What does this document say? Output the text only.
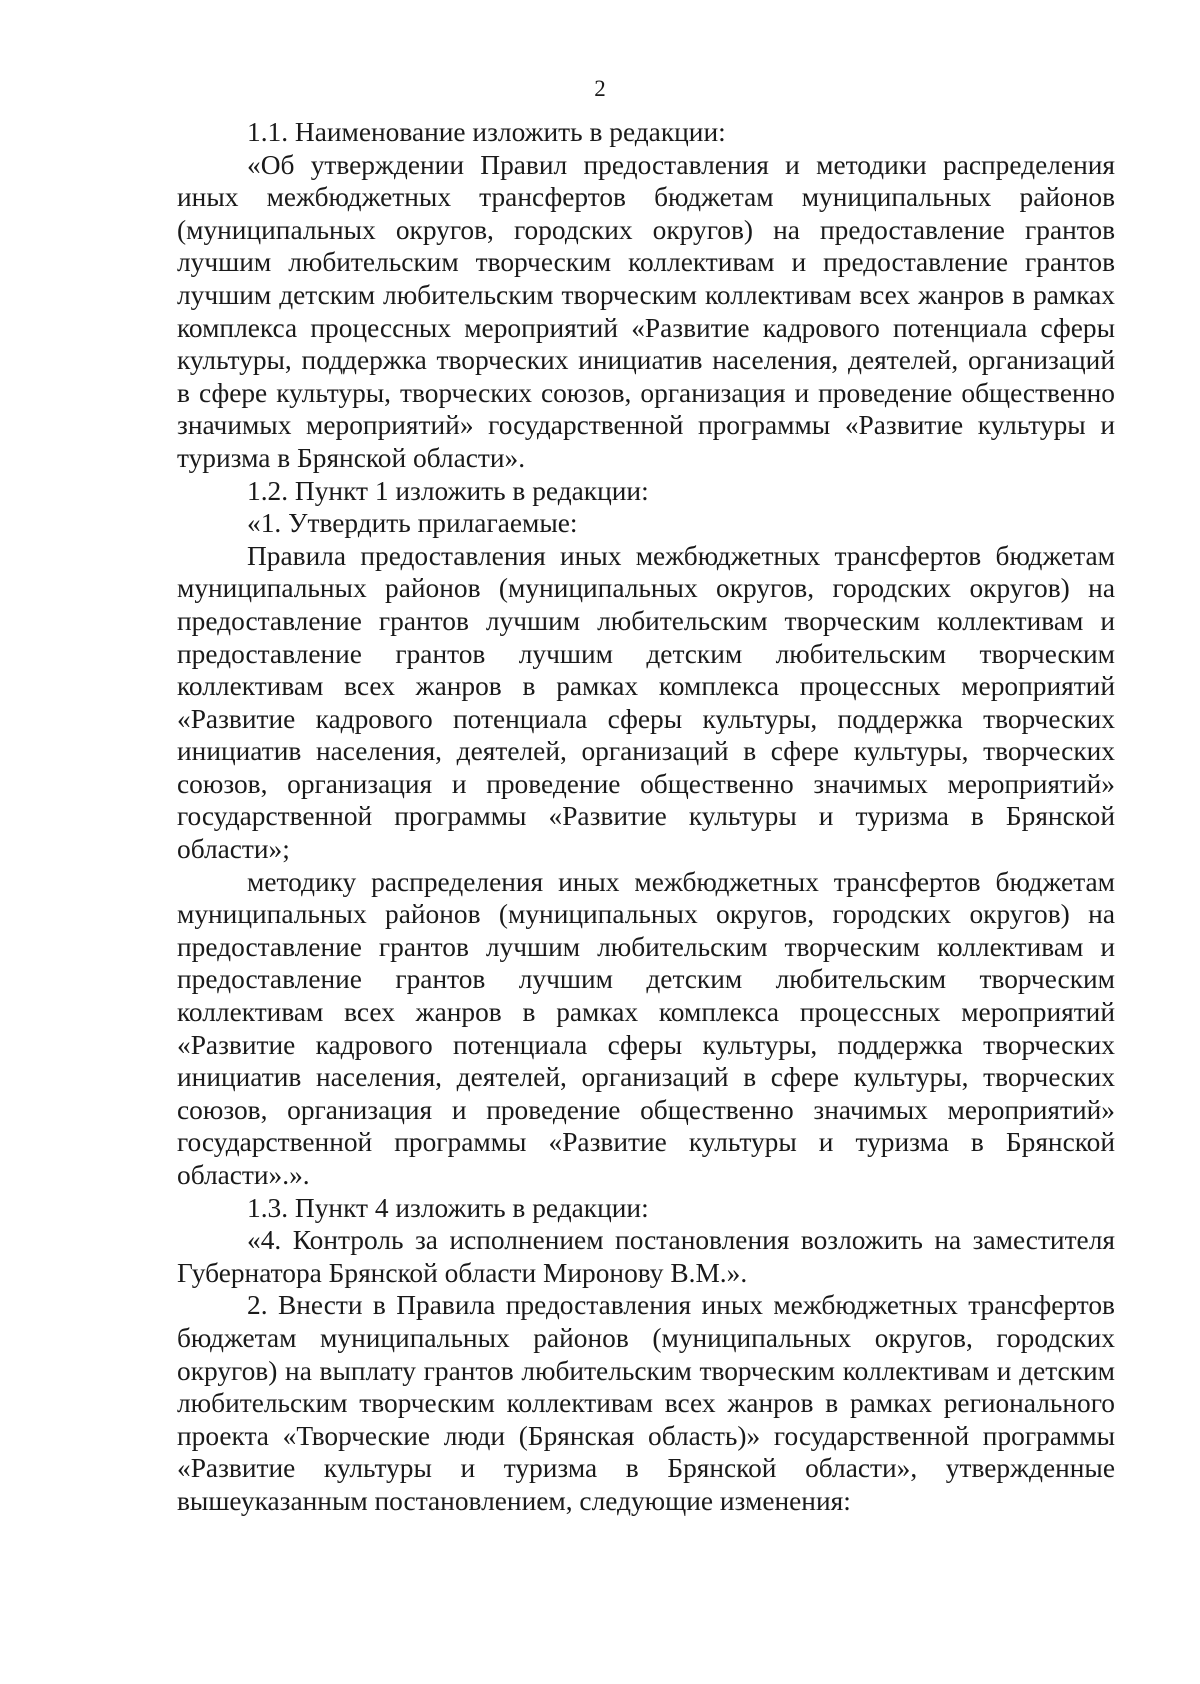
2

1.1. Наименование изложить в редакции:

«Об утверждении Правил предоставления и методики распределения иных межбюджетных трансфертов бюджетам муниципальных районов (муниципальных округов, городских округов) на предоставление грантов лучшим любительским творческим коллективам и предоставление грантов лучшим детским любительским творческим коллективам всех жанров в рамках комплекса процессных мероприятий «Развитие кадрового потенциала сферы культуры, поддержка творческих инициатив населения, деятелей, организаций в сфере культуры, творческих союзов, организация и проведение общественно значимых мероприятий» государственной программы «Развитие культуры и туризма в Брянской области».

1.2. Пункт 1 изложить в редакции:

«1. Утвердить прилагаемые:

Правила предоставления иных межбюджетных трансфертов бюджетам муниципальных районов (муниципальных округов, городских округов) на предоставление грантов лучшим любительским творческим коллективам и предоставление грантов лучшим детским любительским творческим коллективам всех жанров в рамках комплекса процессных мероприятий «Развитие кадрового потенциала сферы культуры, поддержка творческих инициатив населения, деятелей, организаций в сфере культуры, творческих союзов, организация и проведение общественно значимых мероприятий» государственной программы «Развитие культуры и туризма в Брянской области»;

методику распределения иных межбюджетных трансфертов бюджетам муниципальных районов (муниципальных округов, городских округов) на предоставление грантов лучшим любительским творческим коллективам и предоставление грантов лучшим детским любительским творческим коллективам всех жанров в рамках комплекса процессных мероприятий «Развитие кадрового потенциала сферы культуры, поддержка творческих инициатив населения, деятелей, организаций в сфере культуры, творческих союзов, организация и проведение общественно значимых мероприятий» государственной программы «Развитие культуры и туризма в Брянской области».».

1.3. Пункт 4 изложить в редакции:

«4. Контроль за исполнением постановления возложить на заместителя Губернатора Брянской области Миронову В.М.».

2. Внести в Правила предоставления иных межбюджетных трансфертов бюджетам муниципальных районов (муниципальных округов, городских округов) на выплату грантов любительским творческим коллективам и детским любительским творческим коллективам всех жанров в рамках регионального проекта «Творческие люди (Брянская область)» государственной программы «Развитие культуры и туризма в Брянской области», утвержденные вышеуказанным постановлением, следующие изменения:
